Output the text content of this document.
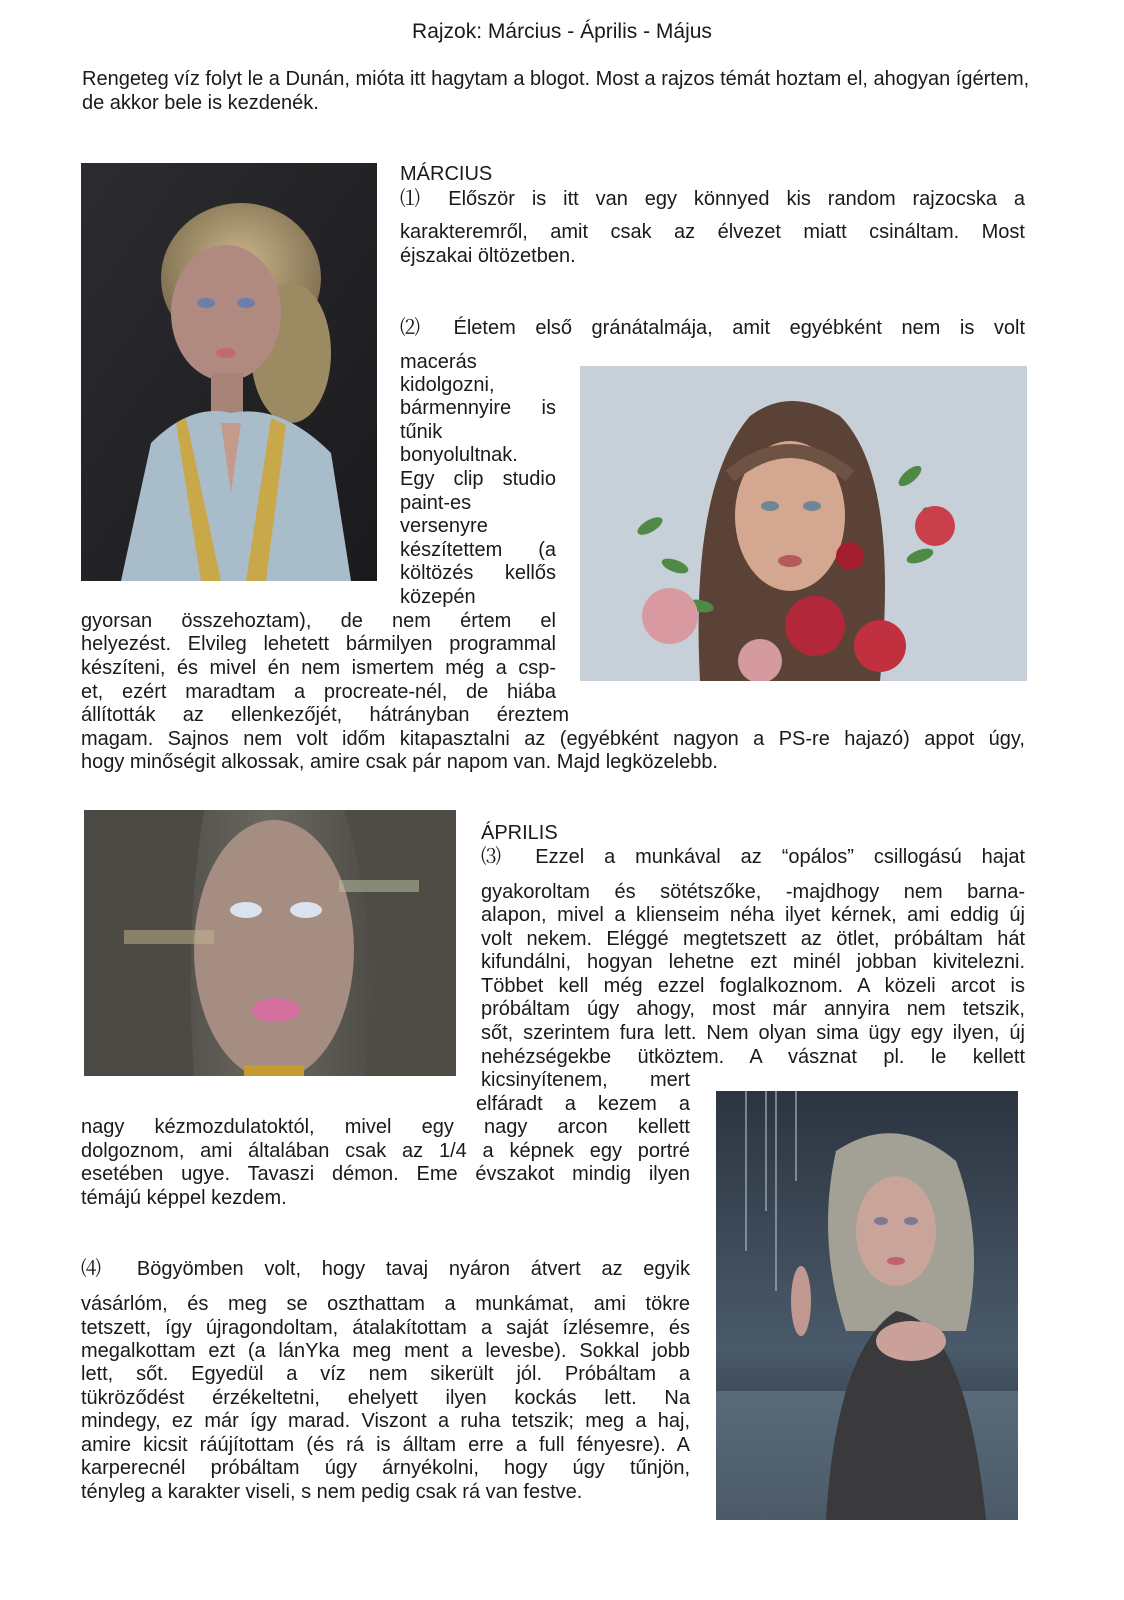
Rajzok: Március - Április - Május
Rengeteg víz folyt le a Dunán, mióta itt hagytam a blogot. Most a rajzos témát hoztam el, ahogyan ígértem, de akkor bele is kezdenék.
MÁRCIUS
⑴ Először is itt van egy könnyed kis random rajzocska a
karakteremről, amit csak az élvezet miatt csináltam. Most
éjszakai öltözetben.
⑵ Életem első gránátalmája, amit egyébként nem is volt
macerás
kidolgozni,
bármennyire is
tűnik
bonyolultnak.
Egy clip studio
paint-es
versenyre
készítettem (a
költözés kellős
közepén
gyorsan összehoztam), de nem értem el
helyezést. Elvileg lehetett bármilyen programmal
készíteni, és mivel én nem ismertem még a csp-
et, ezért maradtam a procreate-nél, de hiába
állították az ellenkezőjét, hátrányban éreztem
magam. Sajnos nem volt időm kitapasztalni az (egyébként nagyon a PS-re hajazó) appot úgy,
hogy minőségit alkossak, amire csak pár napom van. Majd legközelebb.
ÁPRILIS
⑶ Ezzel a munkával az “opálos” csillogású hajat
gyakoroltam és sötétszőke, -majdhogy nem barna-
alapon, mivel a klienseim néha ilyet kérnek, ami eddig új
volt nekem. Eléggé megtetszett az ötlet, próbáltam hát
kifundálni, hogyan lehetne ezt minél jobban kivitelezni.
Többet kell még ezzel foglalkoznom. A közeli arcot is
próbáltam úgy ahogy, most már annyira nem tetszik,
sőt, szerintem fura lett. Nem olyan sima ügy egy ilyen, új
nehézségekbe ütköztem. A vásznat pl. le kellett
kicsinyítenem, mert
elfáradt a kezem a
nagy kézmozdulatoktól, mivel egy nagy arcon kellett
dolgoznom, ami általában csak az 1/4 a képnek egy portré
esetében ugye. Tavaszi démon. Eme évszakot mindig ilyen
témájú képpel kezdem.
⑷ Bögyömben volt, hogy tavaj nyáron átvert az egyik
vásárlóm, és meg se oszthattam a munkámat, ami tökre
tetszett, így újragondoltam, átalakítottam a saját ízlésemre, és
megalkottam ezt (a lánYka meg ment a levesbe). Sokkal jobb
lett, sőt. Egyedül a víz nem sikerült jól. Próbáltam a
tükröződést érzékeltetni, ehelyett ilyen kockás lett. Na
mindegy, ez már így marad. Viszont a ruha tetszik; meg a haj,
amire kicsit ráújítottam (és rá is álltam erre a full fényesre). A
karperecnél próbáltam úgy árnyékolni, hogy úgy tűnjön,
tényleg a karakter viseli, s nem pedig csak rá van festve.
